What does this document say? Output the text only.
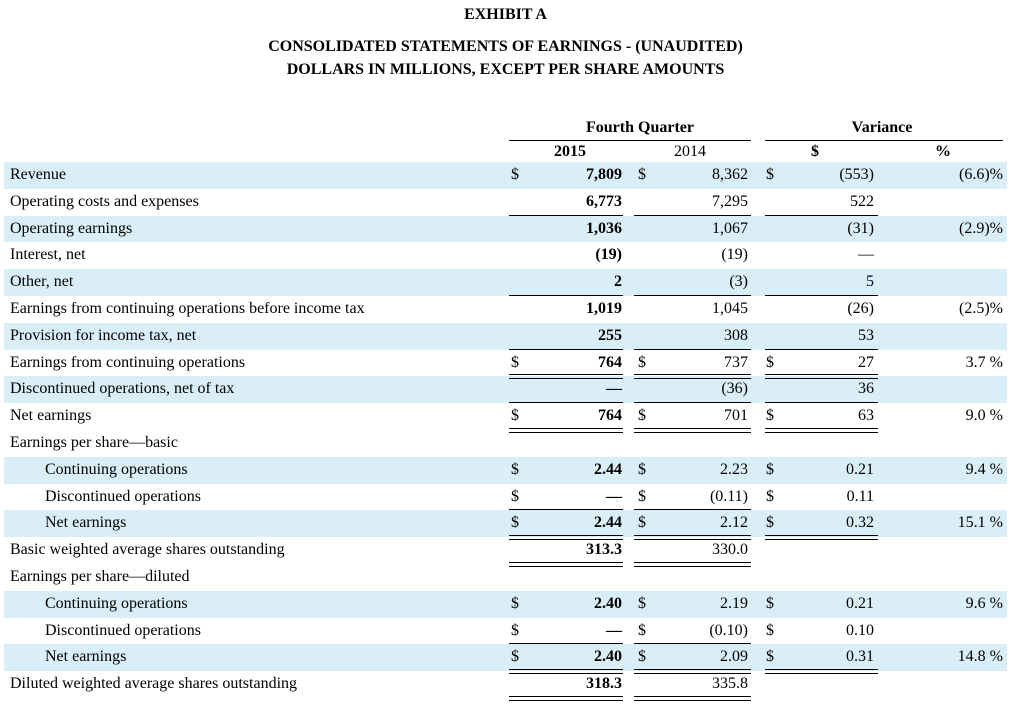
EXHIBIT A
CONSOLIDATED STATEMENTS OF EARNINGS - (UNAUDITED)
DOLLARS IN MILLIONS, EXCEPT PER SHARE AMOUNTS
Fourth Quarter	Variance
2015	2014	$	%
Revenue	$	7,809 $	8,362 $	(553)	(6.6)%
Operating costs and expenses	6,773	7,295	522
Operating earnings	1,036	1,067	(31)	(2.9)%
Interest, net	(19)	(19)	—
Other, net	2	(3)	5
Earnings from continuing operations before income tax	1,019	1,045	(26)	(2.5)%
Provision for income tax, net	255	308	53
Earnings from continuing operations	$	764 $	737 $	27	3.7 %
Discontinued operations, net of tax	—	(36)	36
Net earnings	$	764 $	701 $	63	9.0 %
Earnings per share—basic
Continuing operations	$	2.44 $	2.23 $	0.21	9.4 %
Discontinued operations	$	— $	(0.11) $	0.11
Net earnings	$	2.44 $	2.12 $	0.32	15.1 %
Basic weighted average shares outstanding	313.3	330.0
Earnings per share—diluted
Continuing operations	$	2.40 $	2.19 $	0.21	9.6 %
Discontinued operations	$	— $	(0.10) $	0.10
Net earnings	$	2.40 $	2.09 $	0.31	14.8 %
Diluted weighted average shares outstanding	318.3	335.8
